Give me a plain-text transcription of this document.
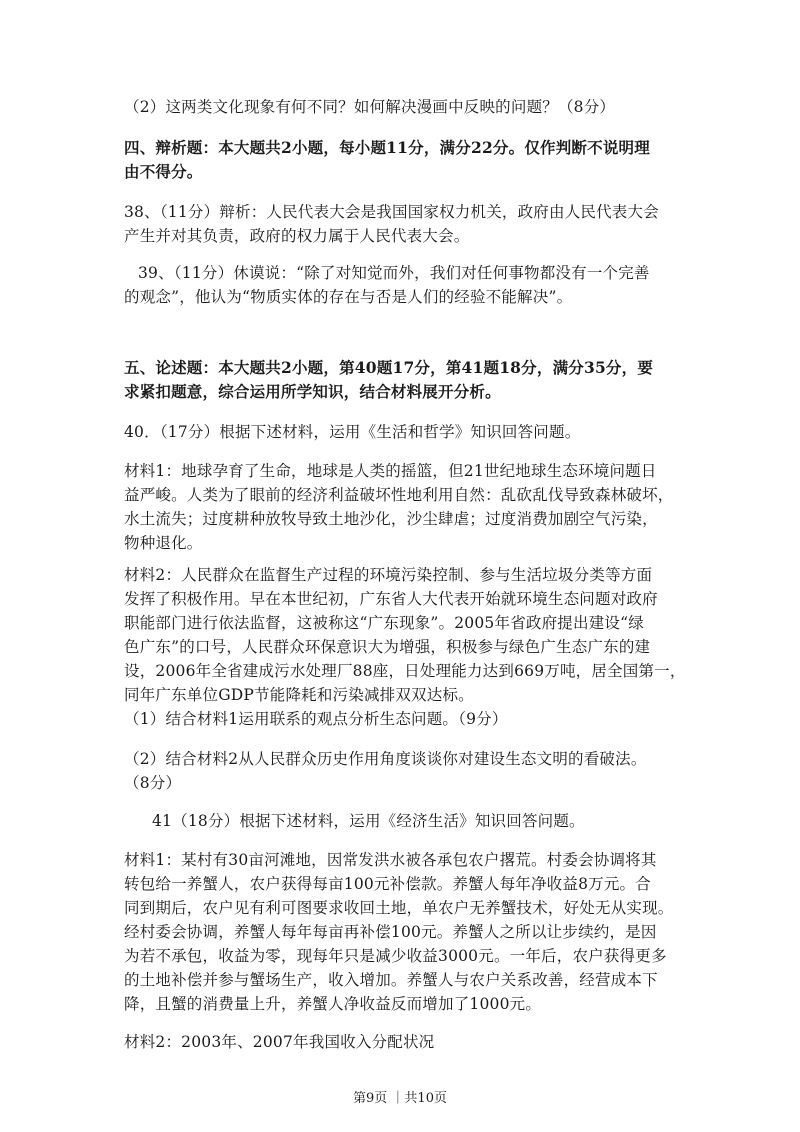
（2）这两类文化现象有何不同？如何解决漫画中反映的问题？（8分）
四、辩析题：本大题共2小题，每小题11分，满分22分。仅作判断不说明理
由不得分。
38、（11分）辩析：人民代表大会是我国国家权力机关，政府由人民代表大会
产生并对其负责，政府的权力属于人民代表大会。
39、（11分）休谟说：“除了对知觉而外，我们对任何事物都没有一个完善
的观念”，他认为“物质实体的存在与否是人们的经验不能解决”。
五、论述题：本大题共2小题，第40题17分，第41题18分，满分35分，要
求紧扣题意，综合运用所学知识，结合材料展开分析。
40．（17分）根据下述材料，运用《生活和哲学》知识回答问题。
材料1：地球孕育了生命，地球是人类的摇篮，但21世纪地球生态环境问题日
益严峻。人类为了眼前的经济利益破坏性地利用自然：乱砍乱伐导致森林破坏，
水土流失；过度耕种放牧导致土地沙化，沙尘肆虐；过度消费加剧空气污染，
物种退化。
材料2：人民群众在监督生产过程的环境污染控制、参与生活垃圾分类等方面
发挥了积极作用。早在本世纪初，广东省人大代表开始就环境生态问题对政府
职能部门进行依法监督，这被称这“广东现象”。2005年省政府提出建设“绿
色广东”的口号，人民群众环保意识大为增强，积极参与绿色广生态广东的建
设，2006年全省建成污水处理厂88座，日处理能力达到669万吨，居全国第一，
同年广东单位GDP节能降耗和污染减排双双达标。
（1）结合材料1运用联系的观点分析生态问题。（9分）
（2）结合材料2从人民群众历史作用角度谈谈你对建设生态文明的看破法。
（8分）
41（18分）根据下述材料，运用《经济生活》知识回答问题。
材料1：某村有30亩河滩地，因常发洪水被各承包农户撂荒。村委会协调将其
转包给一养蟹人，农户获得每亩100元补偿款。养蟹人每年净收益8万元。合
同到期后，农户见有利可图要求收回土地，单农户无养蟹技术，好处无从实现。
经村委会协调，养蟹人每年每亩再补偿100元。养蟹人之所以让步续约，是因
为若不承包，收益为零，现每年只是减少收益3000元。一年后，农户获得更多
的土地补偿并参与蟹场生产，收入增加。养蟹人与农户关系改善，经营成本下
降，且蟹的消费量上升，养蟹人净收益反而增加了1000元。
材料2：2003年、2007年我国收入分配状况
第9页 ｜共10页
